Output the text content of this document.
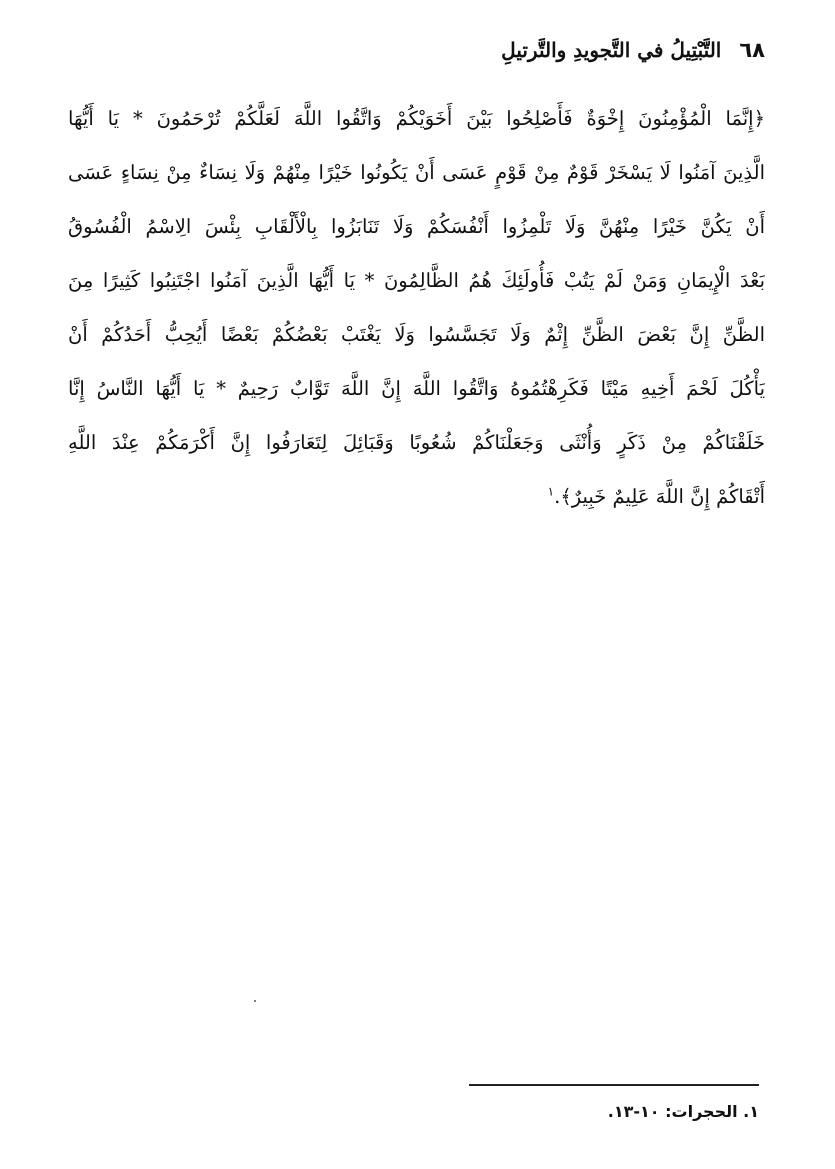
٦٨
التَّبْتِيلُ في التَّجويدِ والتَّرتيلِ
﴿إِنَّمَا الْمُؤْمِنُونَ إِخْوَةٌ فَأَصْلِحُوا بَيْنَ أَخَوَيْكُمْ وَاتَّقُوا اللَّهَ لَعَلَّكُمْ تُرْحَمُونَ * يَا أَيُّهَا
الَّذِينَ آمَنُوا لَا يَسْخَرْ قَوْمٌ مِنْ قَوْمٍ عَسَى أَنْ يَكُونُوا خَيْرًا مِنْهُمْ وَلَا نِسَاءٌ مِنْ نِسَاءٍ عَسَى
أَنْ يَكُنَّ خَيْرًا مِنْهُنَّ وَلَا تَلْمِزُوا أَنْفُسَكُمْ وَلَا تَنَابَزُوا بِالْأَلْقَابِ بِئْسَ الِاسْمُ الْفُسُوقُ
بَعْدَ الْإِيمَانِ وَمَنْ لَمْ يَتُبْ فَأُولَئِكَ هُمُ الظَّالِمُونَ * يَا أَيُّهَا الَّذِينَ آمَنُوا اجْتَنِبُوا كَثِيرًا مِنَ
الظَّنِّ إِنَّ بَعْضَ الظَّنِّ إِثْمٌ وَلَا تَجَسَّسُوا وَلَا يَغْتَبْ بَعْضُكُمْ بَعْضًا أَيُحِبُّ أَحَدُكُمْ أَنْ
يَأْكُلَ لَحْمَ أَخِيهِ مَيْتًا فَكَرِهْتُمُوهُ وَاتَّقُوا اللَّهَ إِنَّ اللَّهَ تَوَّابٌ رَحِيمٌ * يَا أَيُّهَا النَّاسُ إِنَّا
خَلَقْنَاكُمْ مِنْ ذَكَرٍ وَأُنْثَى وَجَعَلْنَاكُمْ شُعُوبًا وَقَبَائِلَ لِتَعَارَفُوا إِنَّ أَكْرَمَكُمْ عِنْدَ اللَّهِ
أَتْقَاكُمْ إِنَّ اللَّهَ عَلِيمٌ خَبِيرٌ﴾.$^١$
١. الحجرات: ١٠-١٣.
